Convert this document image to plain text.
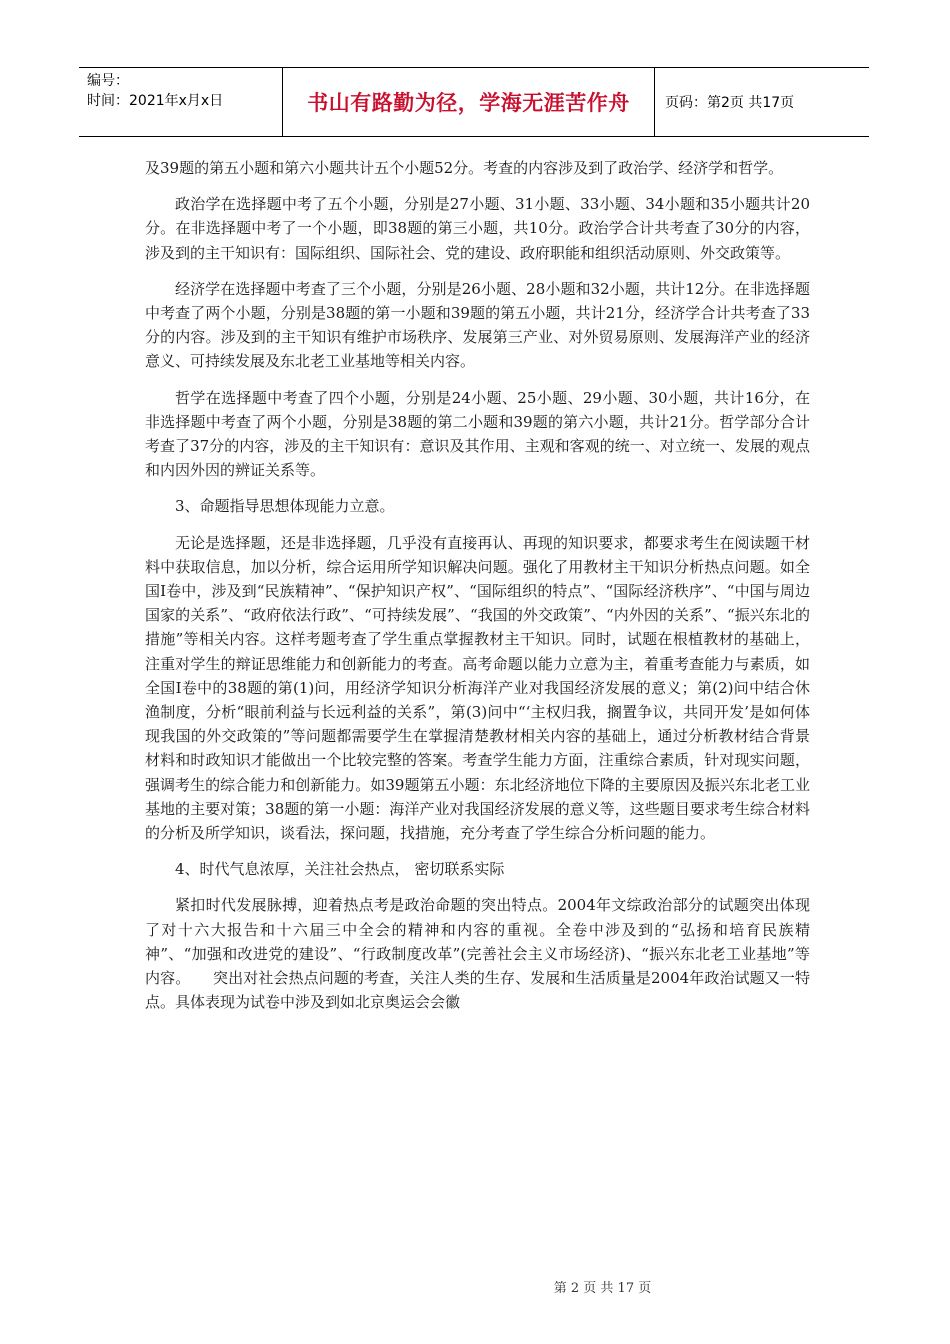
编号：
时间：2021年x月x日	书山有路勤为径，学海无涯苦作舟	页码：第2页 共17页

及39题的第五小题和第六小题共计五个小题52分。考查的内容涉及到了政治学、经济学和哲学。

政治学在选择题中考了五个小题，分别是27小题、31小题、33小题、34小题和35小题共计20分。在非选择题中考了一个小题，即38题的第三小题，共10分。政治学合计共考查了30分的内容，涉及到的主干知识有：国际组织、国际社会、党的建设、政府职能和组织活动原则、外交政策等。

经济学在选择题中考查了三个小题，分别是26小题、28小题和32小题，共计12分。在非选择题中考查了两个小题，分别是38题的第一小题和39题的第五小题，共计21分，经济学合计共考查了33分的内容。涉及到的主干知识有维护市场秩序、发展第三产业、对外贸易原则、发展海洋产业的经济意义、可持续发展及东北老工业基地等相关内容。

哲学在选择题中考查了四个小题，分别是24小题、25小题、29小题、30小题，共计16分，在非选择题中考查了两个小题，分别是38题的第二小题和39题的第六小题，共计21分。哲学部分合计考查了37分的内容，涉及的主干知识有：意识及其作用、主观和客观的统一、对立统一、发展的观点和内因外因的辨证关系等。

3、命题指导思想体现能力立意。

无论是选择题，还是非选择题，几乎没有直接再认、再现的知识要求，都要求考生在阅读题干材料中获取信息，加以分析，综合运用所学知识解决问题。强化了用教材主干知识分析热点问题。如全国I卷中，涉及到“民族精神”、“保护知识产权”、“国际组织的特点”、“国际经济秩序”、“中国与周边国家的关系”、“政府依法行政”、“可持续发展”、“我国的外交政策”、“内外因的关系”、“振兴东北的措施”等相关内容。这样考题考查了学生重点掌握教材主干知识。同时，试题在根植教材的基础上，注重对学生的辩证思维能力和创新能力的考查。高考命题以能力立意为主，着重考查能力与素质，如全国I卷中的38题的第(1)问，用经济学知识分析海洋产业对我国经济发展的意义；第(2)问中结合休渔制度，分析“眼前利益与长远利益的关系”，第(3)问中“‘主权归我，搁置争议，共同开发’是如何体现我国的外交政策的”等问题都需要学生在掌握清楚教材相关内容的基础上，通过分析教材结合背景材料和时政知识才能做出一个比较完整的答案。考查学生能力方面，注重综合素质，针对现实问题，强调考生的综合能力和创新能力。如39题第五小题：东北经济地位下降的主要原因及振兴东北老工业基地的主要对策；38题的第一小题：海洋产业对我国经济发展的意义等，这些题目要求考生综合材料的分析及所学知识，谈看法，探问题，找措施，充分考查了学生综合分析问题的能力。

4、时代气息浓厚，关注社会热点， 密切联系实际

紧扣时代发展脉搏，迎着热点考是政治命题的突出特点。2004年文综政治部分的试题突出体现了对十六大报告和十六届三中全会的精神和内容的重视。全卷中涉及到的“弘扬和培育民族精神”、“加强和改进党的建设”、“行政制度改革”(完善社会主义市场经济)、“振兴东北老工业基地”等内容。　　突出对社会热点问题的考查，关注人类的生存、发展和生活质量是2004年政治试题又一特点。具体表现为试卷中涉及到如北京奥运会会徽

第 2 页 共 17 页
